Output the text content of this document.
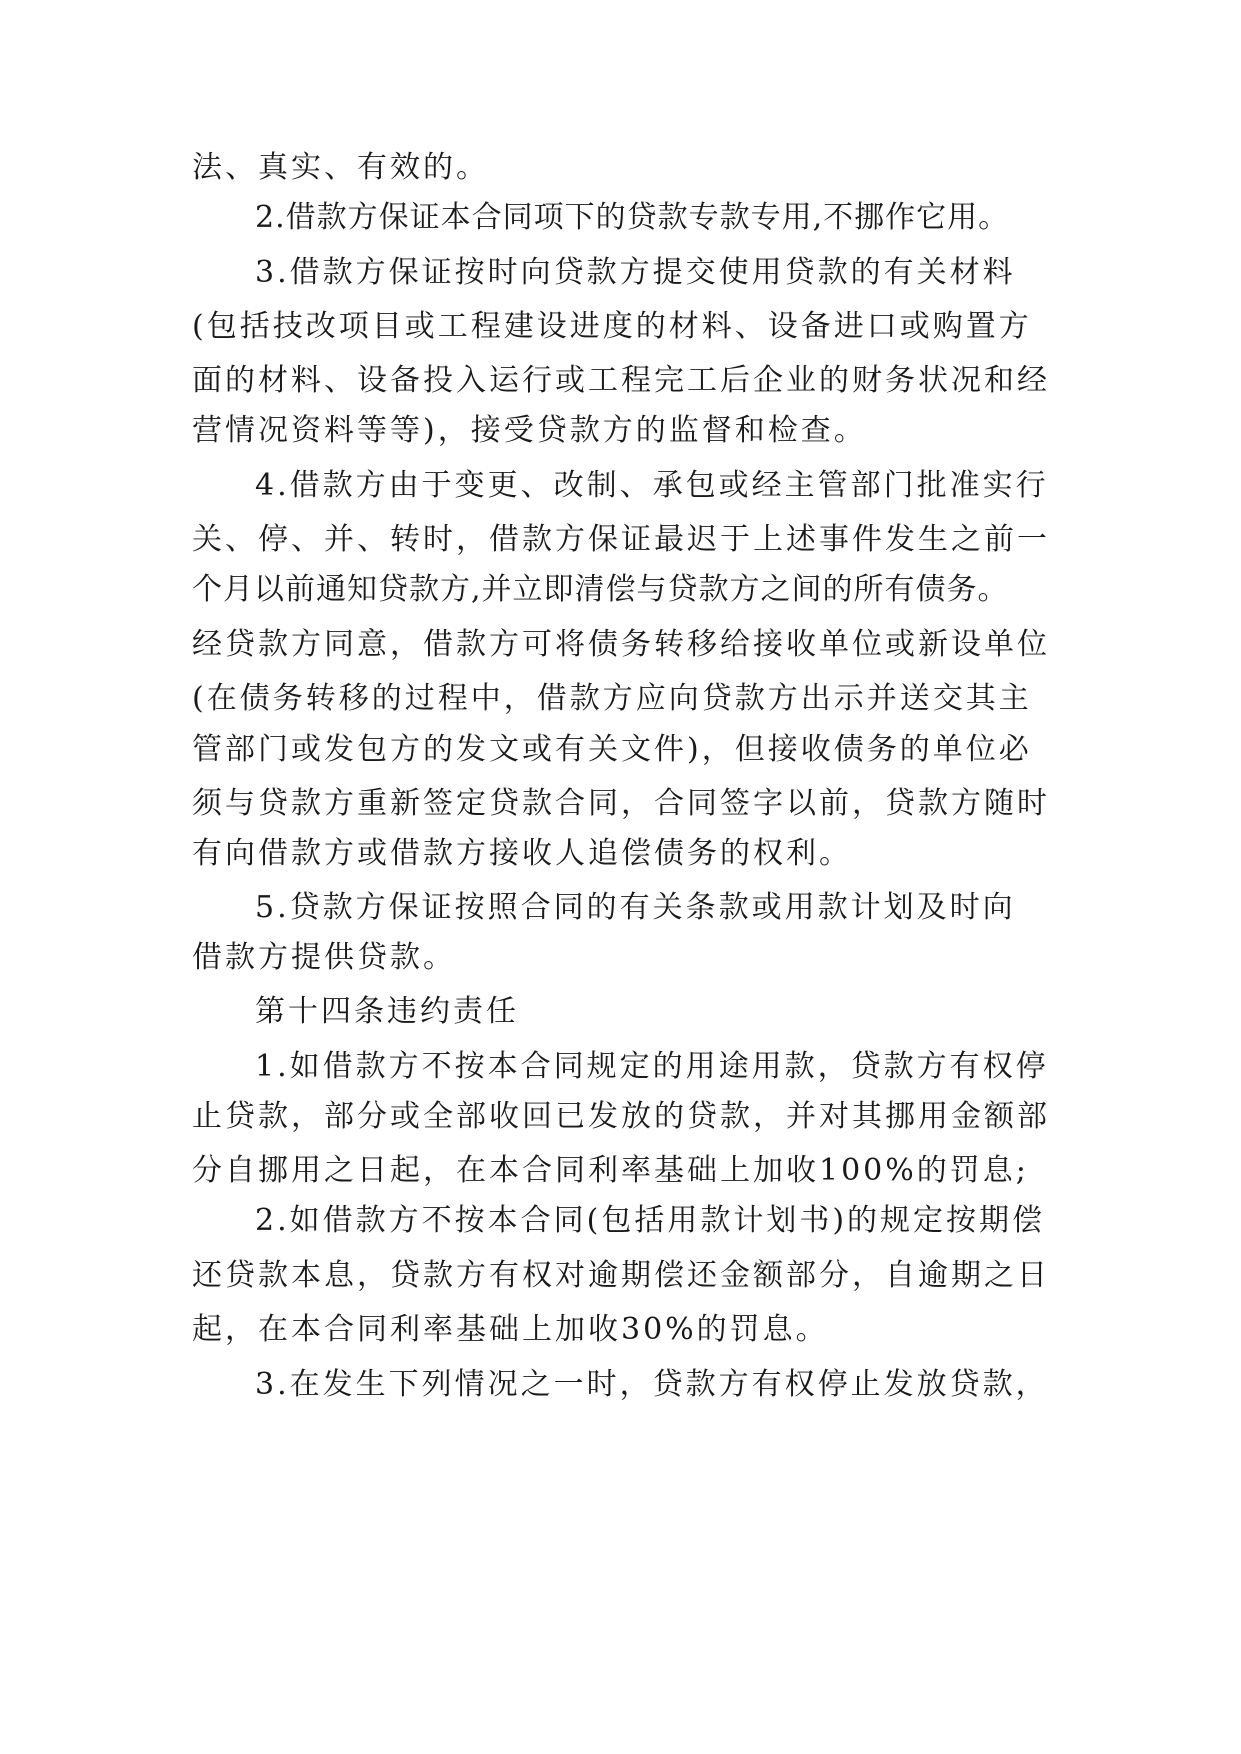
法、真实、有效的。
2.借款方保证本合同项下的贷款专款专用,不挪作它用。
3.借款方保证按时向贷款方提交使用贷款的有关材料
(包括技改项目或工程建设进度的材料、设备进口或购置方
面的材料、设备投入运行或工程完工后企业的财务状况和经
营情况资料等等)，接受贷款方的监督和检查。
4.借款方由于变更、改制、承包或经主管部门批准实行
关、停、并、转时，借款方保证最迟于上述事件发生之前一
个月以前通知贷款方,并立即清偿与贷款方之间的所有债务。
经贷款方同意，借款方可将债务转移给接收单位或新设单位
(在债务转移的过程中，借款方应向贷款方出示并送交其主
管部门或发包方的发文或有关文件)，但接收债务的单位必
须与贷款方重新签定贷款合同，合同签字以前，贷款方随时
有向借款方或借款方接收人追偿债务的权利。
5.贷款方保证按照合同的有关条款或用款计划及时向
借款方提供贷款。
第十四条违约责任
1.如借款方不按本合同规定的用途用款，贷款方有权停
止贷款，部分或全部收回已发放的贷款，并对其挪用金额部
分自挪用之日起，在本合同利率基础上加收100%的罚息;
2.如借款方不按本合同(包括用款计划书)的规定按期偿
还贷款本息，贷款方有权对逾期偿还金额部分，自逾期之日
起，在本合同利率基础上加收30%的罚息。
3.在发生下列情况之一时，贷款方有权停止发放贷款，
